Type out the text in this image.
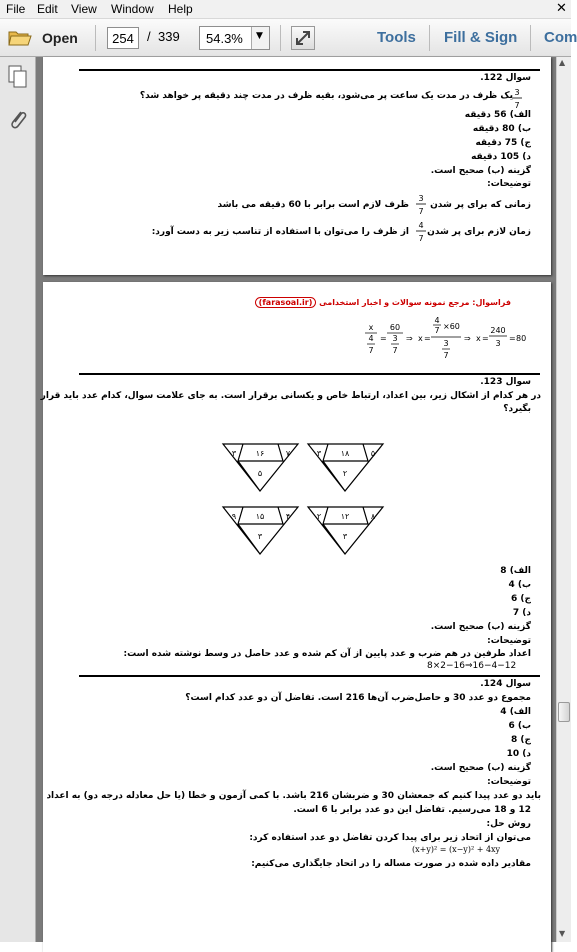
File Edit View Window Help	✕
Open
254	/ 339 54.3% ▼	Tools Fill & Sign Com
سوال 122.
یک ظرف در مدت یک ساعت پر می‌شود، بقیه ظرف در مدت چند دقیقه پر خواهد شد؟ 3
7
الف) 56 دقیقه
ب) 80 دقیقه
ج) 75 دقیقه
د) 105 دقیقه
گزینه (ب) صحیح است.
توضیحات:
زمانی که برای پر شدن
3
7
ظرف لازم است برابر با 60 دقیقه می باشد
زمان لازم برای پر شدن
4
7
از ظرف را می‌توان با استفاده از تناسب زیر به دست آورد:
فراسوال: مرجع نمونه سوالات و اخبار استخدامی (farasoal.ir)
x
4
7
=
60
3
7
⇒ x =
4
7 ×60
3
7
⇒ x =
240
3
= 80
سوال 123.
در هر کدام از اشکال زیر، بین اعداد، ارتباط خاص و یکسانی برقرار است. به جای علامت سوال، کدام عدد باید قرار
بگیرد؟
۳ ۱۸	۵
۲
۳ ۱۶	۷
۵
۲ ۱۲	۸
۳
۹ ۱۵	۴
۳
الف) 8
ب) 4
ج) 6
د) 7
گزینه (ب) صحیح است.
توضیحات:
اعداد طرفین در هم ضرب و عدد پایین از آن کم شده و عدد حاصل در وسط نوشته شده است:
8×2−16⇒16−4−12
سوال 124.
مجموع دو عدد 30 و حاصل‌ضرب آن‌ها 216 است. تفاضل آن دو عدد کدام است؟
الف) 4
ب) 6
ج) 8
د) 10
گزینه (ب) صحیح است.
توضیحات:
باید دو عدد پیدا کنیم که جمعشان 30 و ضربشان 216 باشد. با کمی آزمون و خطا (یا حل معادله درجه دو) به اعداد
12 و 18 می‌رسیم. تفاضل این دو عدد برابر با 6 است.
روش حل:
می‌توان از اتحاد زیر برای پیدا کردن تفاضل دو عدد استفاده کرد:
(x+y)² = (x−y)² + 4xy
مقادیر داده شده در صورت مساله را در اتحاد جایگذاری می‌کنیم:
▲
▼
